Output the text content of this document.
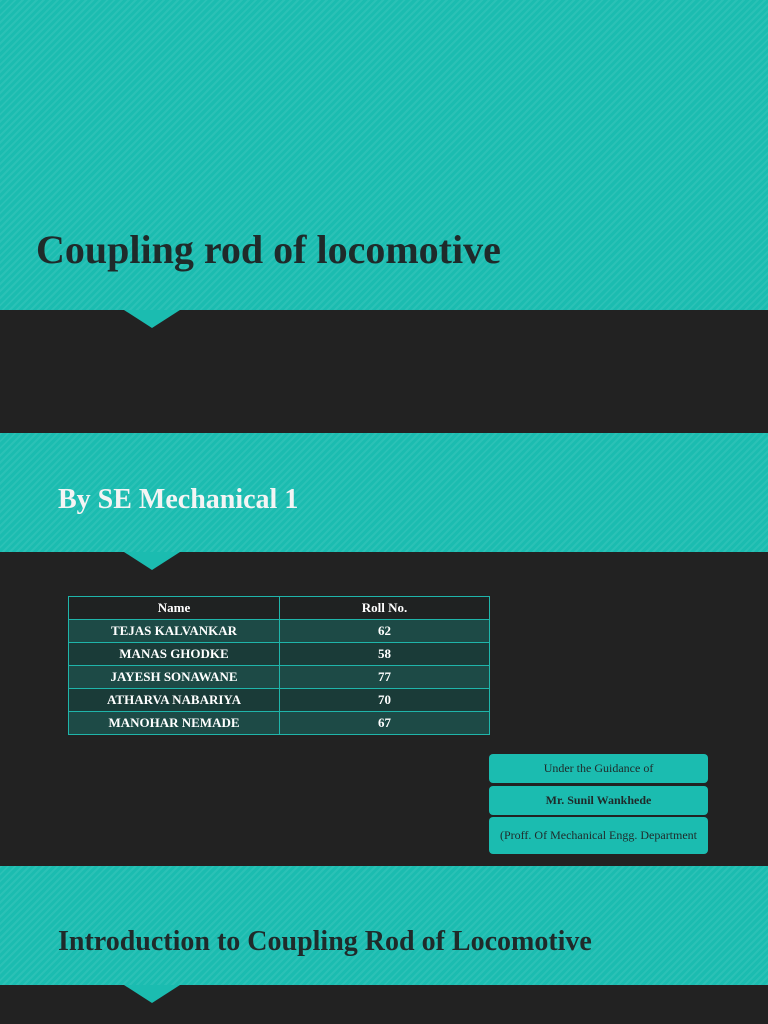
Coupling rod of locomotive
By SE Mechanical 1
Name	Roll No.
TEJAS KALVANKAR	62
MANAS GHODKE	58
JAYESH SONAWANE	77
ATHARVA NABARIYA	70
MANOHAR NEMADE	67
Under the Guidance of
Mr. Sunil Wankhede
(Proff. Of Mechanical Engg. Department
Introduction to Coupling Rod of Locomotive
